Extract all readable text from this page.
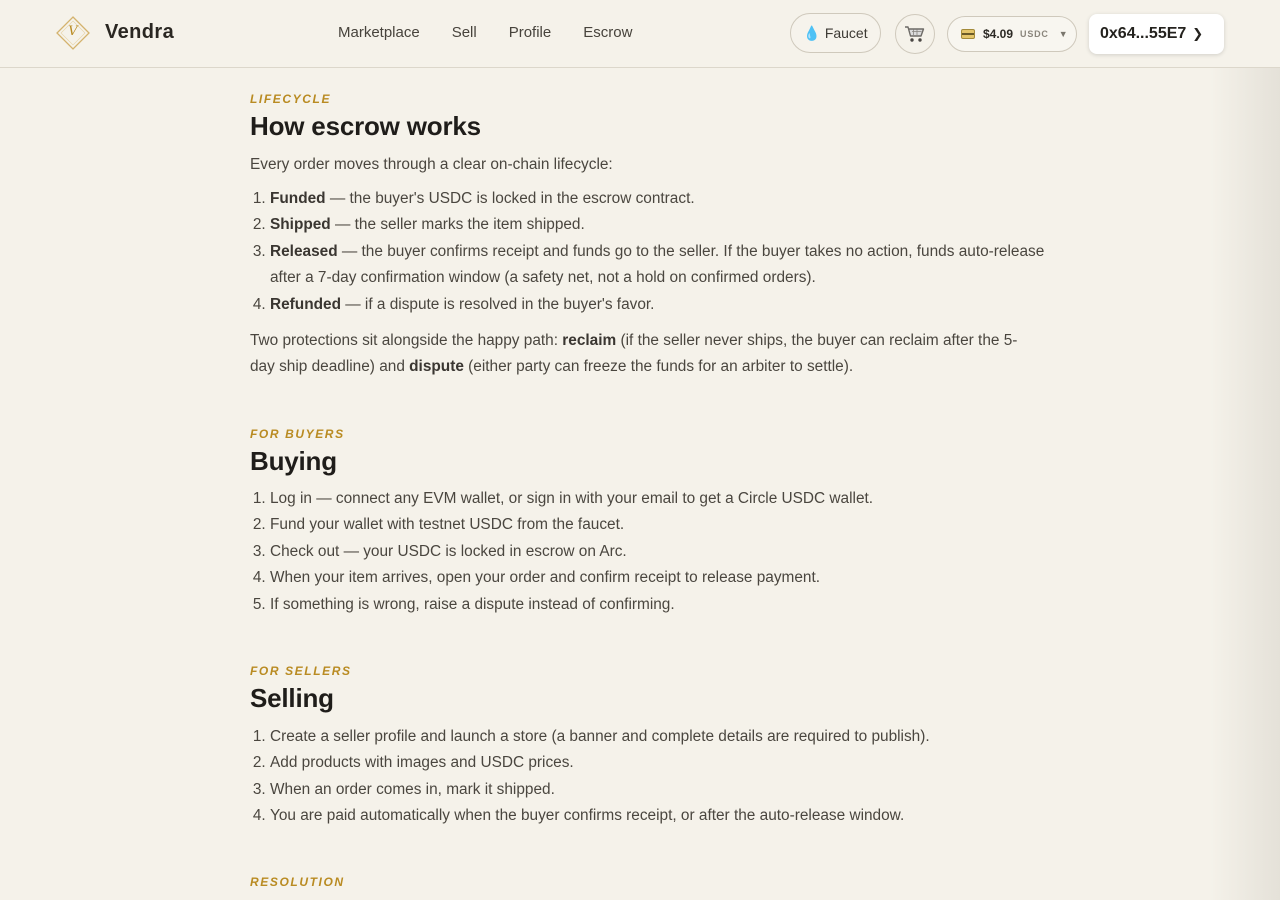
V	Vendra	Marketplace Sell Profile Escrow	💧 Faucet	$4.09 USDC ▼ 0x64...55E7 ❯
LIFECYCLE
How escrow works

Every order moves through a clear on-chain lifecycle:

1. Funded — the buyer's USDC is locked in the escrow contract.
2. Shipped — the seller marks the item shipped.
3. Released — the buyer confirms receipt and funds go to the seller. If the buyer takes no action, funds auto-release after a 7-day confirmation window (a safety net, not a hold on confirmed orders).
4. Refunded — if a dispute is resolved in the buyer's favor.

Two protections sit alongside the happy path: reclaim (if the seller never ships, the buyer can reclaim after the 5-day ship deadline) and dispute (either party can freeze the funds for an arbiter to settle).

FOR BUYERS
Buying
1. Log in — connect any EVM wallet, or sign in with your email to get a Circle USDC wallet.
2. Fund your wallet with testnet USDC from the faucet.
3. Check out — your USDC is locked in escrow on Arc.
4. When your item arrives, open your order and confirm receipt to release payment.
5. If something is wrong, raise a dispute instead of confirming.
FOR SELLERS
Selling
1. Create a seller profile and launch a store (a banner and complete details are required to publish).
2. Add products with images and USDC prices.
3. When an order comes in, mark it shipped.
4. You are paid automatically when the buyer confirms receipt, or after the auto-release window.
RESOLUTION
